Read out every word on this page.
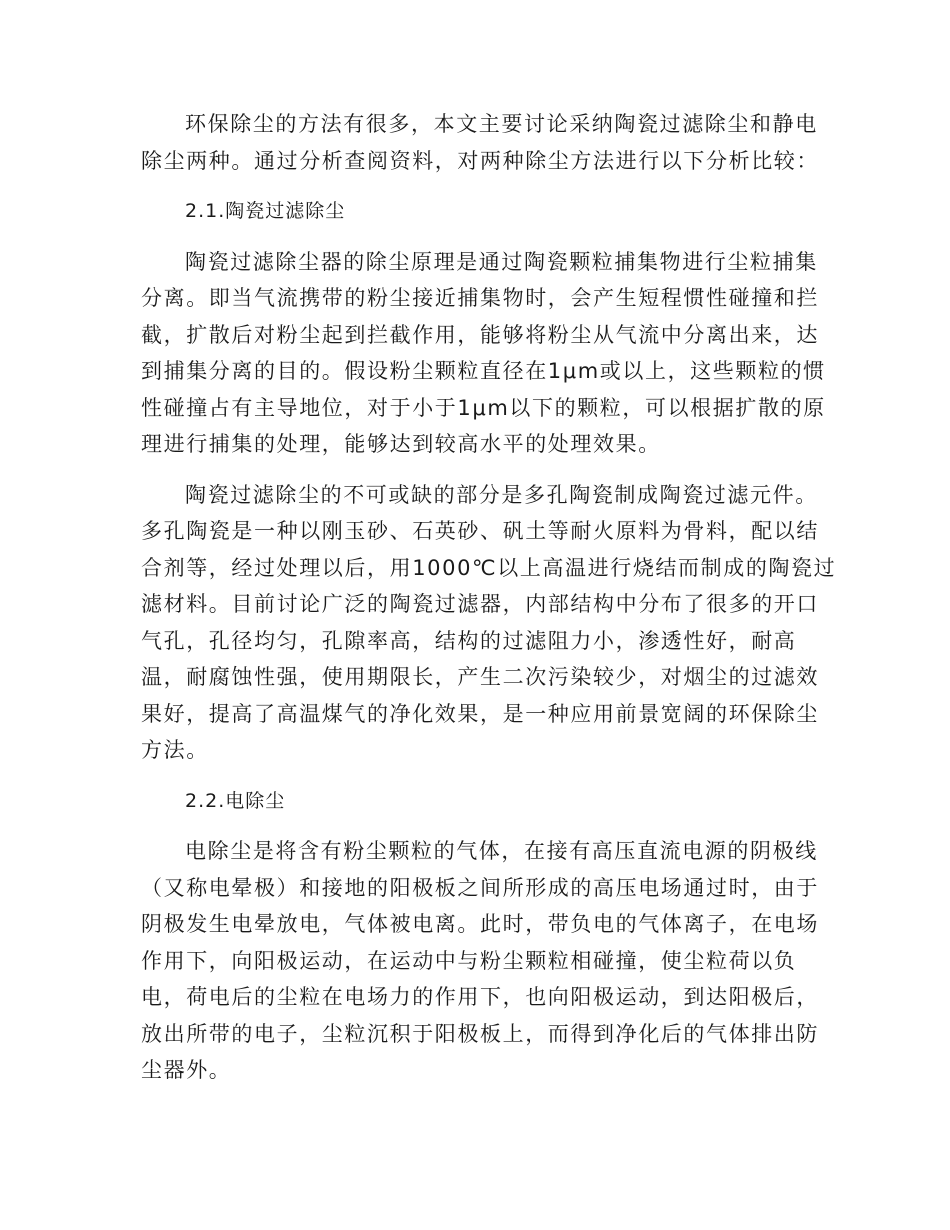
环保除尘的方法有很多，本文主要讨论采纳陶瓷过滤除尘和静电
除尘两种。通过分析查阅资料，对两种除尘方法进行以下分析比较：
2.1.陶瓷过滤除尘
陶瓷过滤除尘器的除尘原理是通过陶瓷颗粒捕集物进行尘粒捕集
分离。即当气流携带的粉尘接近捕集物时，会产生短程惯性碰撞和拦
截，扩散后对粉尘起到拦截作用，能够将粉尘从气流中分离出来，达
到捕集分离的目的。假设粉尘颗粒直径在1μm或以上，这些颗粒的惯
性碰撞占有主导地位，对于小于1μm以下的颗粒，可以根据扩散的原
理进行捕集的处理，能够达到较高水平的处理效果。
陶瓷过滤除尘的不可或缺的部分是多孔陶瓷制成陶瓷过滤元件。
多孔陶瓷是一种以刚玉砂、石英砂、矾土等耐火原料为骨料，配以结
合剂等，经过处理以后，用1000℃以上高温进行烧结而制成的陶瓷过
滤材料。目前讨论广泛的陶瓷过滤器，内部结构中分布了很多的开口
气孔，孔径均匀，孔隙率高，结构的过滤阻力小，渗透性好，耐高
温，耐腐蚀性强，使用期限长，产生二次污染较少，对烟尘的过滤效
果好，提高了高温煤气的净化效果，是一种应用前景宽阔的环保除尘
方法。
2.2.电除尘
电除尘是将含有粉尘颗粒的气体，在接有高压直流电源的阴极线
（又称电晕极）和接地的阳极板之间所形成的高压电场通过时，由于
阴极发生电晕放电，气体被电离。此时，带负电的气体离子，在电场
作用下，向阳极运动，在运动中与粉尘颗粒相碰撞，使尘粒荷以负
电，荷电后的尘粒在电场力的作用下，也向阳极运动，到达阳极后，
放出所带的电子，尘粒沉积于阳极板上，而得到净化后的气体排出防
尘器外。
